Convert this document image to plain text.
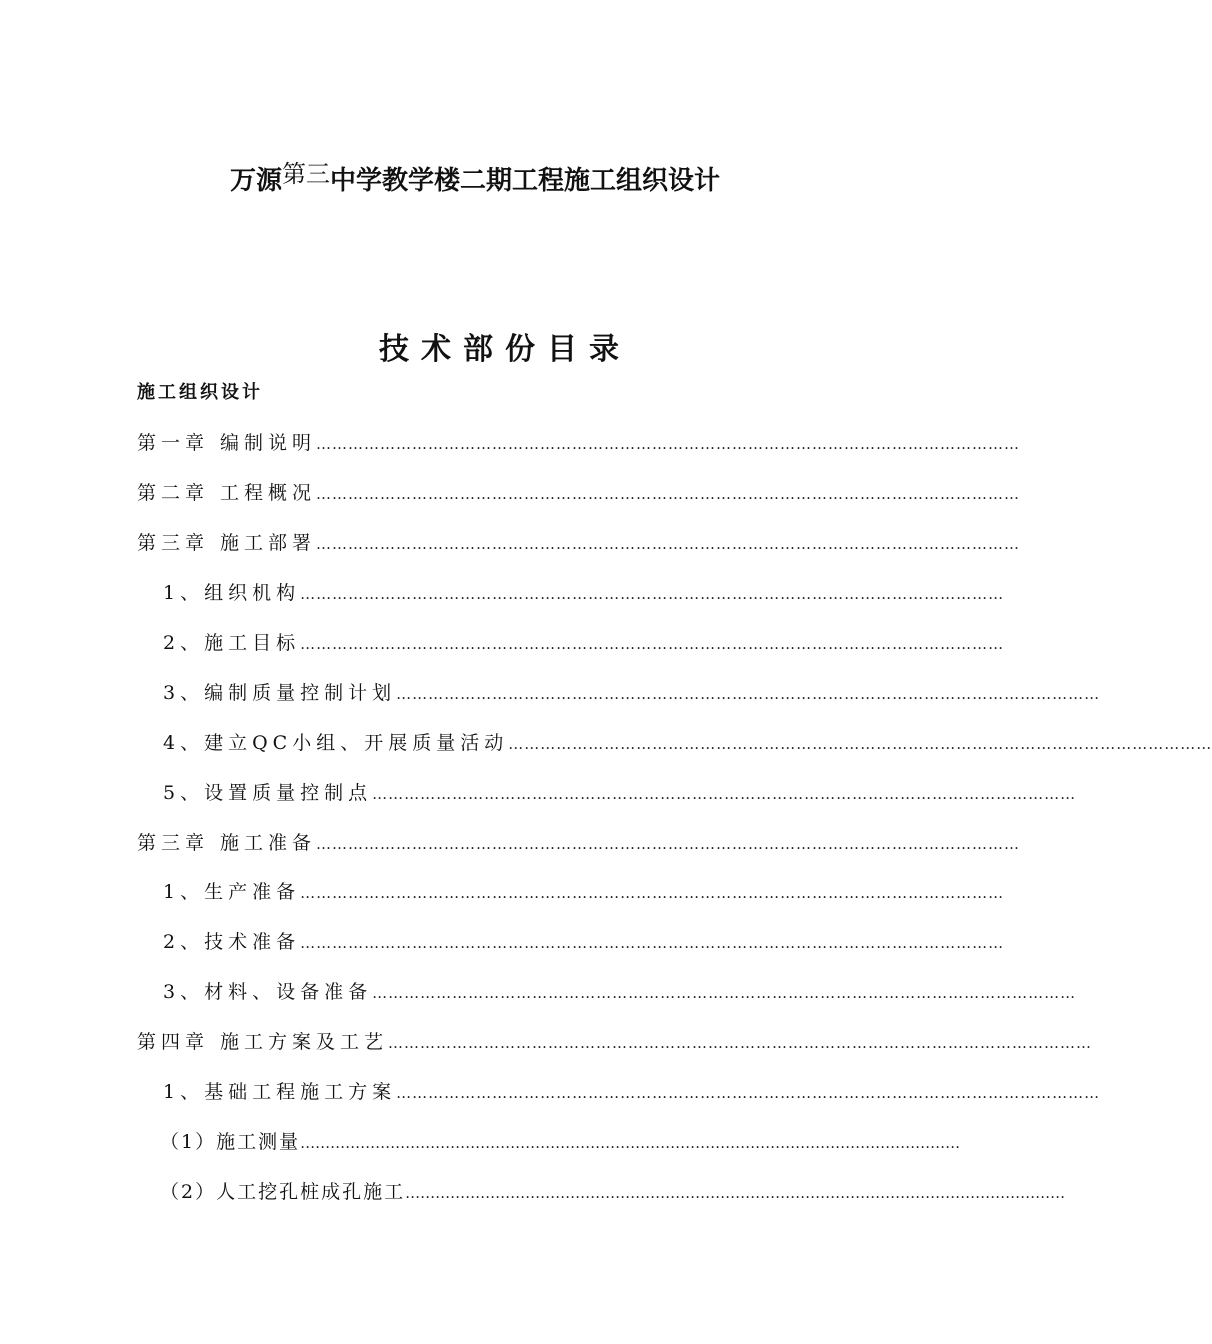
万源第三中学教学楼二期工程施工组织设计
技术部份目录
施工组织设计
第一章 编制说明 ……………………………………………………………………………………………………………………
第二章 工程概况 ……………………………………………………………………………………………………………………
第三章 施工部署 ……………………………………………………………………………………………………………………
1、组织机构 ……………………………………………………………………………………………………………………
2、施工目标 ……………………………………………………………………………………………………………………
3、编制质量控制计划 ……………………………………………………………………………………………………………………
4、建立QC小组、开展质量活动 ……………………………………………………………………………………………………………………
5、设置质量控制点 ……………………………………………………………………………………………………………………
第三章 施工准备 ……………………………………………………………………………………………………………………
1、生产准备 ……………………………………………………………………………………………………………………
2、技术准备 ……………………………………………………………………………………………………………………
3、材料、设备准备 ……………………………………………………………………………………………………………………
第四章 施工方案及工艺 ……………………………………………………………………………………………………………………
1、基础工程施工方案 ……………………………………………………………………………………………………………………
（1）施工测量 ……………………………………………………………………………………………………………………
（2）人工挖孔桩成孔施工 ……………………………………………………………………………………………………………………
